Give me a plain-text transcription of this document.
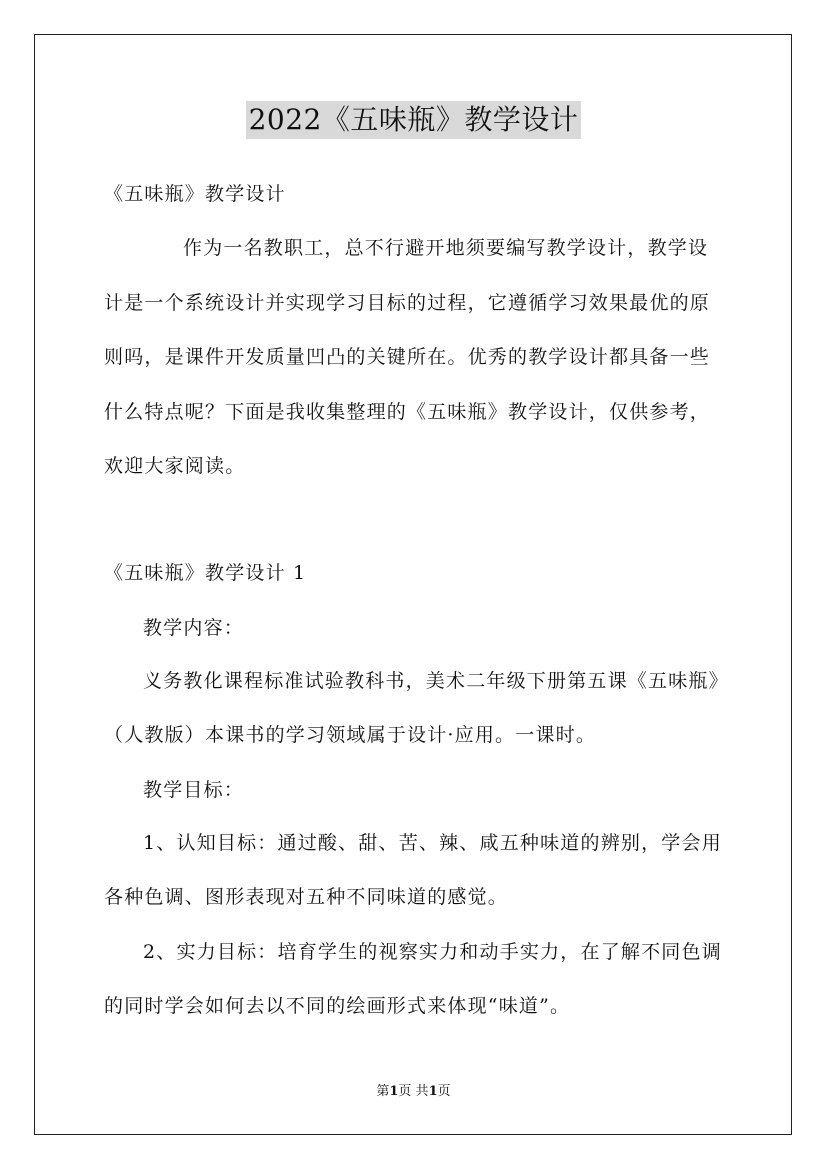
2022《五味瓶》教学设计

《五味瓶》教学设计

作为一名教职工，总不行避开地须要编写教学设计，教学设

计是一个系统设计并实现学习目标的过程，它遵循学习效果最优的原

则吗，是课件开发质量凹凸的关键所在。优秀的教学设计都具备一些

什么特点呢？下面是我收集整理的《五味瓶》教学设计，仅供参考，

欢迎大家阅读。

《五味瓶》教学设计 1

教学内容：

义务教化课程标准试验教科书，美术二年级下册第五课《五味瓶》

（人教版）本课书的学习领域属于设计·应用。一课时。

教学目标：

1、认知目标：通过酸、甜、苦、辣、咸五种味道的辨别，学会用

各种色调、图形表现对五种不同味道的感觉。

2、实力目标：培育学生的视察实力和动手实力，在了解不同色调

的同时学会如何去以不同的绘画形式来体现“味道”。

第1页 共1页
